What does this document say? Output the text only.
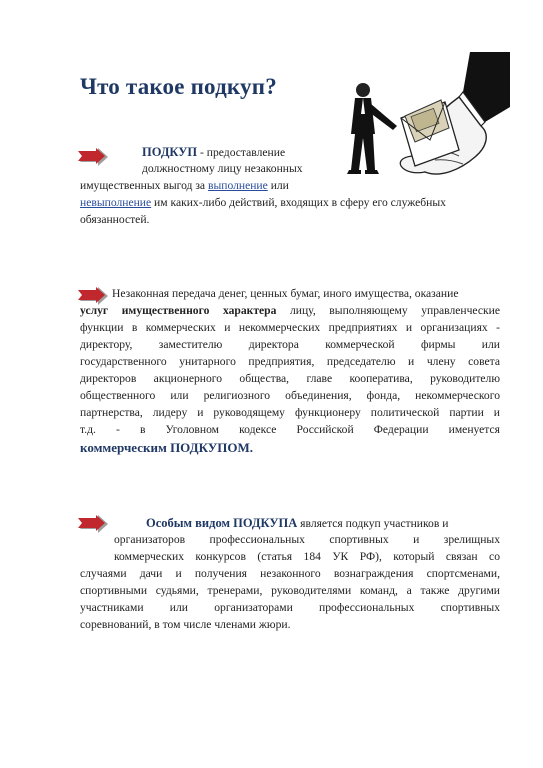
Что такое подкуп?
ПОДКУП - предоставление
должностному лицу незаконных
имущественных выгод за выполнение или
невыполнение им каких-либо действий, входящих в сферу его служебных
обязанностей.
Незаконная передача денег, ценных бумаг, иного имущества, оказание
услуг имущественного характера лицу, выполняющему управленческие
функции в коммерческих и некоммерческих предприятиях и организациях -
директору, заместителю директора коммерческой фирмы или
государственного унитарного предприятия, председателю и члену совета
директоров акционерного общества, главе кооператива, руководителю
общественного или религиозного объединения, фонда, некоммерческого
партнерства, лидеру и руководящему функционеру политической партии и
т.д. - в Уголовном кодексе Российской Федерации именуется
коммерческим ПОДКУПОМ.
Особым видом ПОДКУПА является подкуп участников и
организаторов профессиональных спортивных и зрелищных
коммерческих конкурсов (статья 184 УК РФ), который связан со
случаями дачи и получения незаконного вознаграждения спортсменами,
спортивными судьями, тренерами, руководителями команд, а также другими
участниками или организаторами профессиональных спортивных
соревнований, в том числе членами жюри.
